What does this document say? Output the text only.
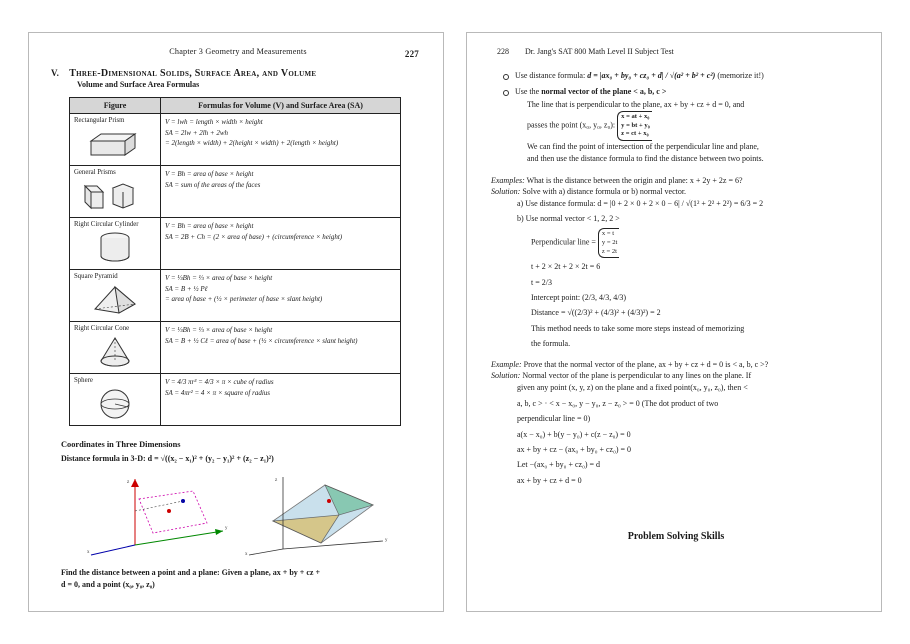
Chapter 3 Geometry and Measurements	227
V. Three-Dimensional Solids, Surface Area, and Volume
Volume and Surface Area Formulas
Figure	Formulas for Volume (V) and Surface Area (SA)

Rectangular Prism	V = lwh = length × width × height
SA = 2lw + 2lh + 2wh
= 2(length × width) + 2(height × width) + 2(length × height)

General Prisms	V = Bh = area of base × height
SA = sum of the areas of the faces

Right Circular Cylinder	V = Bh = area of base × height
SA = 2B + Ch = (2 × area of base) + (circumference × height)

Square Pyramid	V = ⅓Bh = ⅓ × area of base × height
SA = B + ½ Pℓ
= area of base + (½ × perimeter of base × slant height)

Right Circular Cone	V = ⅓Bh = ⅓ × area of base × height
SA = B + ½ Cℓ = area of base + (½ × circumference × slant height)

Sphere	V = 4/3 πr³ = 4/3 × π × cube of radius
SA = 4πr² = 4 × π × square of radius
Coordinates in Three Dimensions
Distance formula in 3-D: d = √((x₂ − x₁)² + (y₂ − y₁)² + (z₂ − z₁)²)
z
y
x
z
y
x
Find the distance between a point and a plane: Given a plane, ax + by + cz +
d = 0, and a point (x₀, y₀, z₀)
228 Dr. Jang's SAT 800 Math Level II Subject Test
Use distance formula: d = |ax₀ + by₀ + cz₀ + d| / √(a² + b² + c²) (memorize it!)
Use the normal vector of the plane < a, b, c >
The line that is perpendicular to the plane, ax + by + cz + d = 0, and
passes the point (x₀, y₀, z₀): x = at + x₀
y = bt + y₀
z = ct + x₀
We can find the point of intersection of the perpendicular line and plane,
and then use the distance formula to find the distance between two points.
Examples: What is the distance between the origin and plane: x + 2y + 2z = 6?
Solution: Solve with a) distance formula or b) normal vector.
a) Use distance formula: d = |0 + 2 × 0 + 2 × 0 − 6| / √(1² + 2² + 2²) = 6/3 = 2
b) Use normal vector < 1, 2, 2 >
Perpendicular line = x = t
y = 2t
z = 2t
t + 2 × 2t + 2 × 2t = 6
t = 2/3
Intercept point: (2/3, 4/3, 4/3)
Distance = √((2/3)² + (4/3)² + (4/3)²) = 2
This method needs to take some more steps instead of memorizing
the formula.
Example: Prove that the normal vector of the plane, ax + by + cz + d = 0 is < a, b, c >?
Solution: Normal vector of the plane is perpendicular to any lines on the plane. If
given any point (x, y, z) on the plane and a fixed point(x₀, y₀, z₀), then <
a, b, c > · < x − x₀, y − y₀, z − z₀ > = 0 (The dot product of two
perpendicular line = 0)
a(x − x₀) + b(y − y₀) + c(z − z₀) = 0
ax + by + cz − (ax₀ + by₀ + cz₀) = 0
Let −(ax₀ + by₀ + cz₀) = d
ax + by + cz + d = 0
Problem Solving Skills
